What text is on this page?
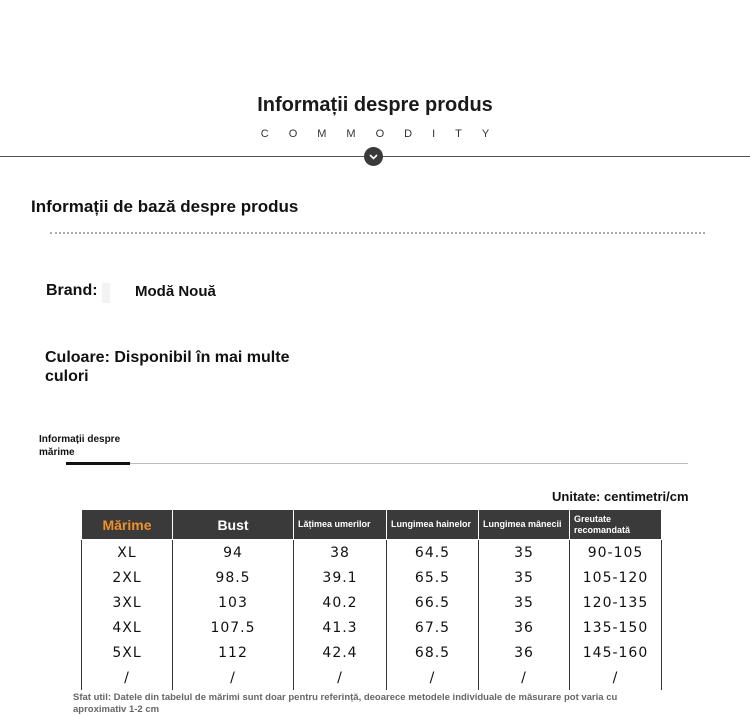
Informații despre produs
COMMODITY
Informații de bază despre produs
Brand: Modă Nouă
Culoare: Disponibil în mai multe culori
Informații despre mărime
Unitate: centimetri/cm
Mărime	Bust	Lățimea umerilor	Lungimea hainelor	Lungimea mânecii	Greutate recomandată
XL	94	38	64.5	35	90-105
2XL	98.5	39.1	65.5	35	105-120
3XL	103	40.2	66.5	35	120-135
4XL	107.5	41.3	67.5	36	135-150
5XL	112	42.4	68.5	36	145-160
/	/	/	/	/	/
Sfat util: Datele din tabelul de mărimi sunt doar pentru referință, deoarece metodele individuale de măsurare pot varia cu aproximativ 1-2 cm
